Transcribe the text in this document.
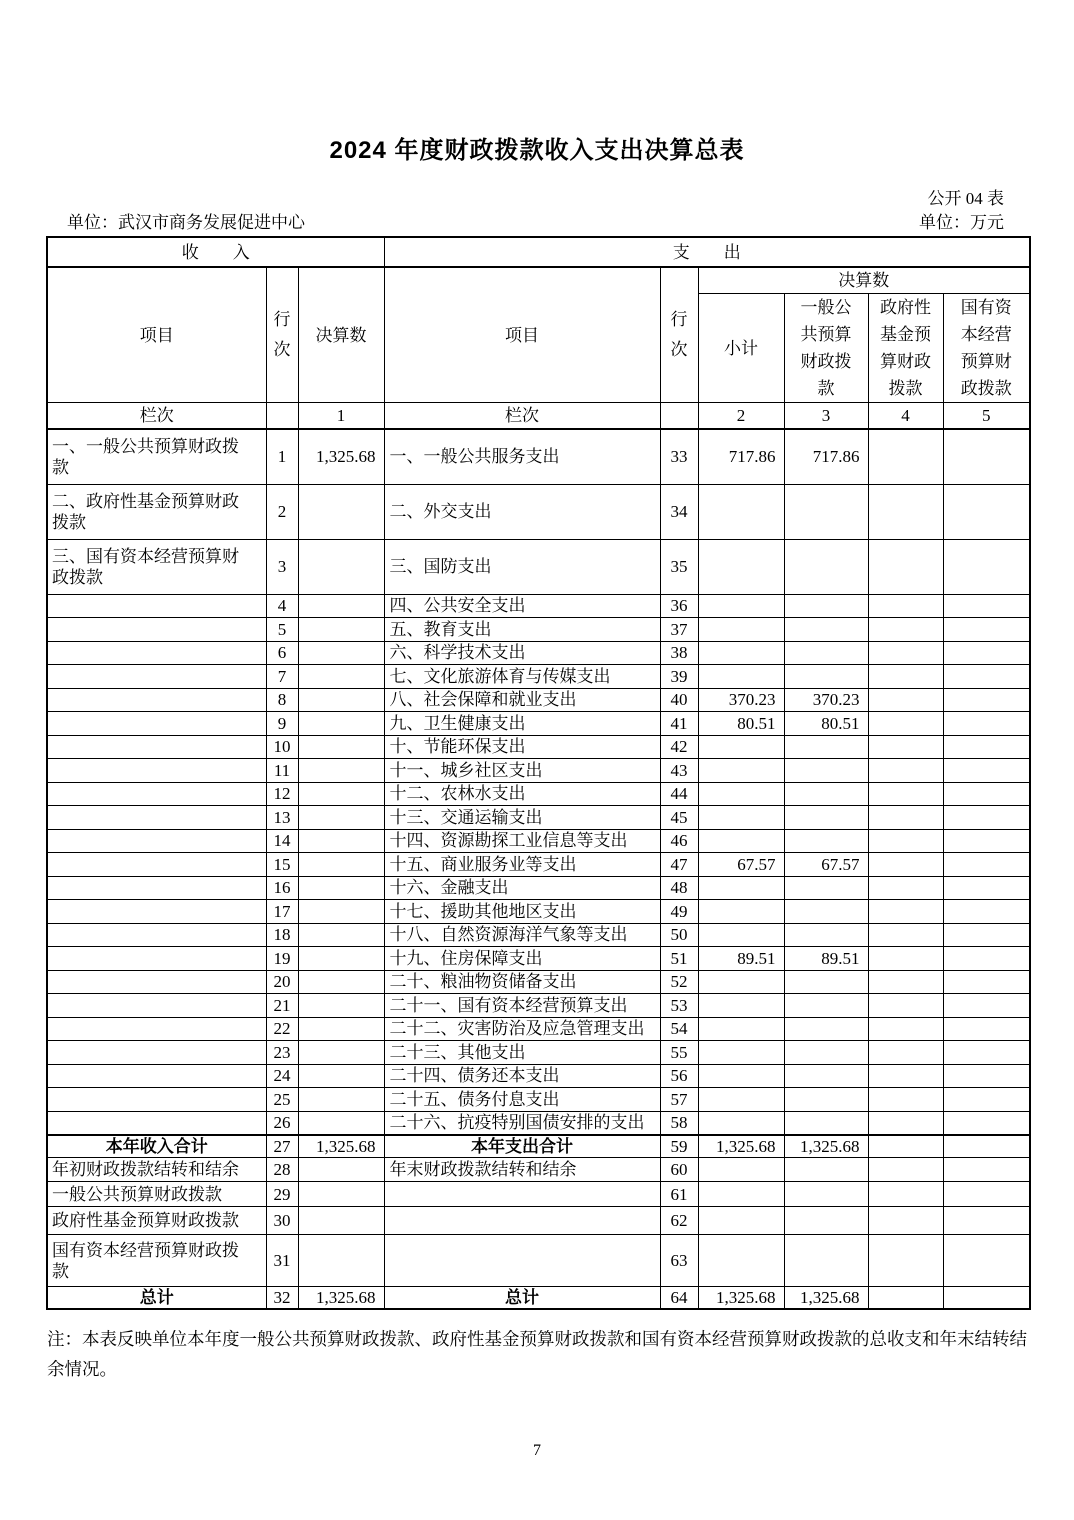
2024 年度财政拨款收入支出决算总表
公开 04 表
单位：武汉市商务发展促进中心	单位：万元
收　　入			支　　出					
项目	行次	决算数	项目	行次	决算数			
					小计	一般公共预算财政拨款	政府性基金预算财政拨款	国有资本经营预算财政拨款
栏次		1	栏次		2	3	4	5
一、一般公共预算财政拨款	1	1,325.68	一、一般公共服务支出	33	717.86	717.86		
二、政府性基金预算财政拨款	2		二、外交支出	34				
三、国有资本经营预算财政拨款	3		三、国防支出	35				
	4		四、公共安全支出	36				
	5		五、教育支出	37				
	6		六、科学技术支出	38				
	7		七、文化旅游体育与传媒支出	39				
	8		八、社会保障和就业支出	40	370.23	370.23		
	9		九、卫生健康支出	41	80.51	80.51		
	10		十、节能环保支出	42				
	11		十一、城乡社区支出	43				
	12		十二、农林水支出	44				
	13		十三、交通运输支出	45				
	14		十四、资源勘探工业信息等支出	46				
	15		十五、商业服务业等支出	47	67.57	67.57		
	16		十六、金融支出	48				
	17		十七、援助其他地区支出	49				
	18		十八、自然资源海洋气象等支出	50				
	19		十九、住房保障支出	51	89.51	89.51		
	20		二十、粮油物资储备支出	52				
	21		二十一、国有资本经营预算支出	53				
	22		二十二、灾害防治及应急管理支出	54				
	23		二十三、其他支出	55				
	24		二十四、债务还本支出	56				
	25		二十五、债务付息支出	57				
	26		二十六、抗疫特别国债安排的支出	58				
本年收入合计	27	1,325.68	本年支出合计	59	1,325.68	1,325.68		
年初财政拨款结转和结余	28		年末财政拨款结转和结余	60				
一般公共预算财政拨款	29			61				
政府性基金预算财政拨款	30			62				
国有资本经营预算财政拨款	31			63				
总计	32	1,325.68	总计	64	1,325.68	1,325.68		
注：本表反映单位本年度一般公共预算财政拨款、政府性基金预算财政拨款和国有资本经营预算财政拨款的总收支和年末结转结余情况。
7
